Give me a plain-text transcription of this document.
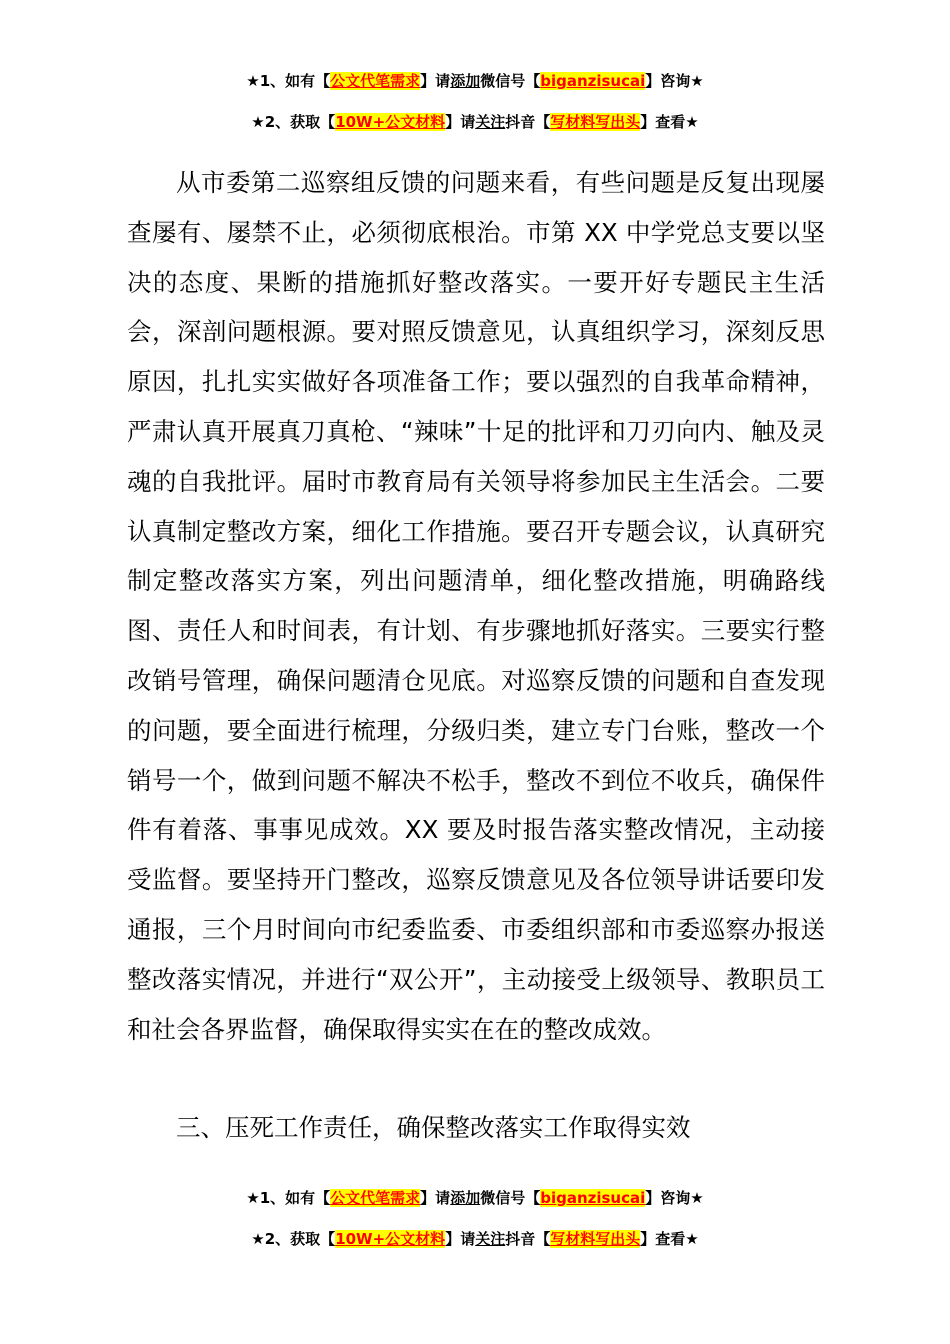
★1、如有【公文代笔需求】请添加微信号【biganzisucai】咨询★
★2、获取【10W+公文材料】请关注抖音【写材料写出头】查看★

从市委第二巡察组反馈的问题来看，有些问题是反复出现屡查屡有、屡禁不止，必须彻底根治。市第 XX 中学党总支要以坚决的态度、果断的措施抓好整改落实。一要开好专题民主生活会，深剖问题根源。要对照反馈意见，认真组织学习，深刻反思原因，扎扎实实做好各项准备工作；要以强烈的自我革命精神，严肃认真开展真刀真枪、“辣味”十足的批评和刀刃向内、触及灵魂的自我批评。届时市教育局有关领导将参加民主生活会。二要认真制定整改方案，细化工作措施。要召开专题会议，认真研究制定整改落实方案，列出问题清单，细化整改措施，明确路线图、责任人和时间表，有计划、有步骤地抓好落实。三要实行整改销号管理，确保问题清仓见底。对巡察反馈的问题和自查发现的问题，要全面进行梳理，分级归类，建立专门台账，整改一个销号一个，做到问题不解决不松手，整改不到位不收兵，确保件件有着落、事事见成效。XX 要及时报告落实整改情况，主动接受监督。要坚持开门整改，巡察反馈意见及各位领导讲话要印发通报，三个月时间向市纪委监委、市委组织部和市委巡察办报送整改落实情况，并进行“双公开”，主动接受上级领导、教职员工和社会各界监督，确保取得实实在在的整改成效。

三、压死工作责任，确保整改落实工作取得实效

★1、如有【公文代笔需求】请添加微信号【biganzisucai】咨询★
★2、获取【10W+公文材料】请关注抖音【写材料写出头】查看★
